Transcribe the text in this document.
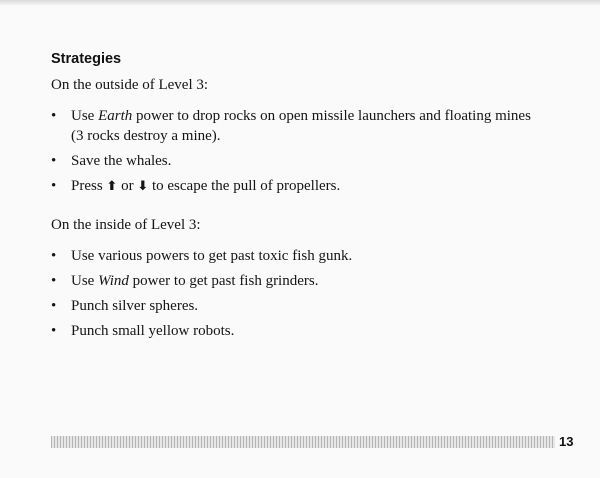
Strategies
On the outside of Level 3:
• Use Earth power to drop rocks on open missile launchers and floating mines
(3 rocks destroy a mine).
• Save the whales.
• Press ⬆ or ⬇ to escape the pull of propellers.
On the inside of Level 3:
• Use various powers to get past toxic fish gunk.
• Use Wind power to get past fish grinders.
• Punch silver spheres.
• Punch small yellow robots.
13
